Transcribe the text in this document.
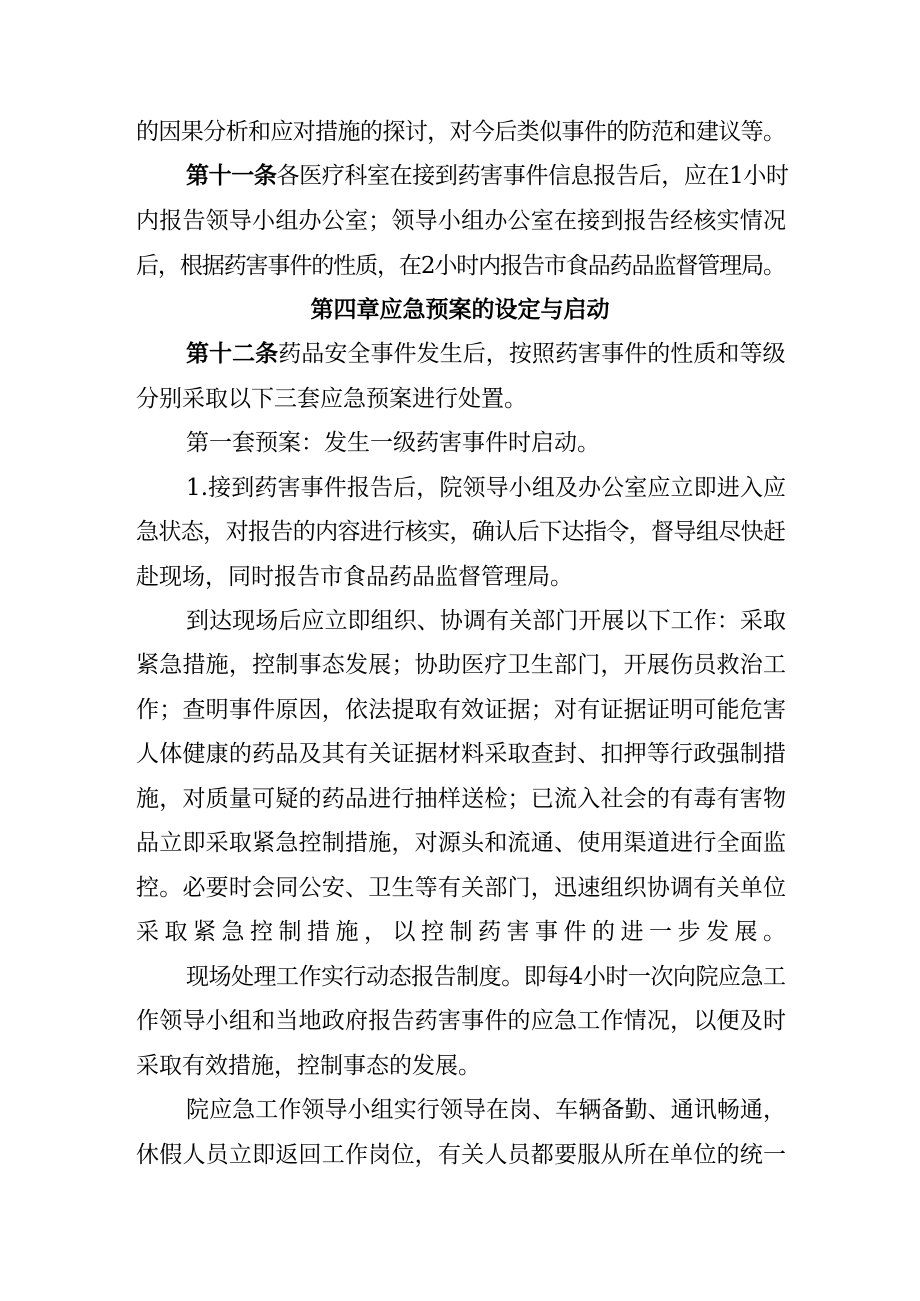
的因果分析和应对措施的探讨，对今后类似事件的防范和建议等。
第十一条各医疗科室在接到药害事件信息报告后，应在1小时
内报告领导小组办公室；领导小组办公室在接到报告经核实情况
后，根据药害事件的性质，在2小时内报告市食品药品监督管理局。
第四章应急预案的设定与启动
第十二条药品安全事件发生后，按照药害事件的性质和等级
分别采取以下三套应急预案进行处置。
第一套预案：发生一级药害事件时启动。
1.接到药害事件报告后，院领导小组及办公室应立即进入应
急状态，对报告的内容进行核实，确认后下达指令，督导组尽快赶
赴现场，同时报告市食品药品监督管理局。
到达现场后应立即组织、协调有关部门开展以下工作：采取
紧急措施，控制事态发展；协助医疗卫生部门，开展伤员救治工
作；查明事件原因，依法提取有效证据；对有证据证明可能危害
人体健康的药品及其有关证据材料采取查封、扣押等行政强制措
施，对质量可疑的药品进行抽样送检；已流入社会的有毒有害物
品立即采取紧急控制措施，对源头和流通、使用渠道进行全面监
控。必要时会同公安、卫生等有关部门，迅速组织协调有关单位
采取紧急控制措施，以控制药害事件的进一步发展。
现场处理工作实行动态报告制度。即每4小时一次向院应急工
作领导小组和当地政府报告药害事件的应急工作情况，以便及时
采取有效措施，控制事态的发展。
院应急工作领导小组实行领导在岗、车辆备勤、通讯畅通，
休假人员立即返回工作岗位，有关人员都要服从所在单位的统一
